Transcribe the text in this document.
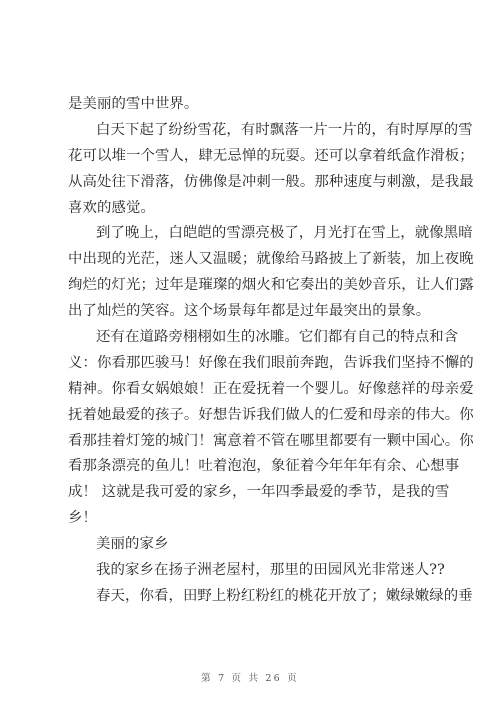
是美丽的雪中世界。
白天下起了纷纷雪花，有时飘落一片一片的，有时厚厚的雪
花可以堆一个雪人，肆无忌惮的玩耍。还可以拿着纸盒作滑板；
从高处往下滑落，仿佛像是冲刺一般。那种速度与刺激，是我最
喜欢的感觉。
到了晚上，白皑皑的雪漂亮极了，月光打在雪上，就像黑暗
中出现的光茫，迷人又温暖；就像给马路披上了新装，加上夜晚
绚烂的灯光；过年是璀璨的烟火和它奏出的美妙音乐，让人们露
出了灿烂的笑容。这个场景每年都是过年最突出的景象。
还有在道路旁栩栩如生的冰雕。它们都有自己的特点和含
义：你看那匹骏马！好像在我们眼前奔跑，告诉我们坚持不懈的
精神。你看女娲娘娘！正在爱抚着一个婴儿。好像慈祥的母亲爱
抚着她最爱的孩子。好想告诉我们做人的仁爱和母亲的伟大。你
看那挂着灯笼的城门！寓意着不管在哪里都要有一颗中国心。你
看那条漂亮的鱼儿！吐着泡泡，象征着今年年年有余、心想事
成！ 这就是我可爱的家乡，一年四季最爱的季节，是我的雪
乡！
美丽的家乡
我的家乡在扬子洲老屋村，那里的田园风光非常迷人??
春天，你看，田野上粉红粉红的桃花开放了；嫩绿嫩绿的垂
第 7 页 共 26 页
